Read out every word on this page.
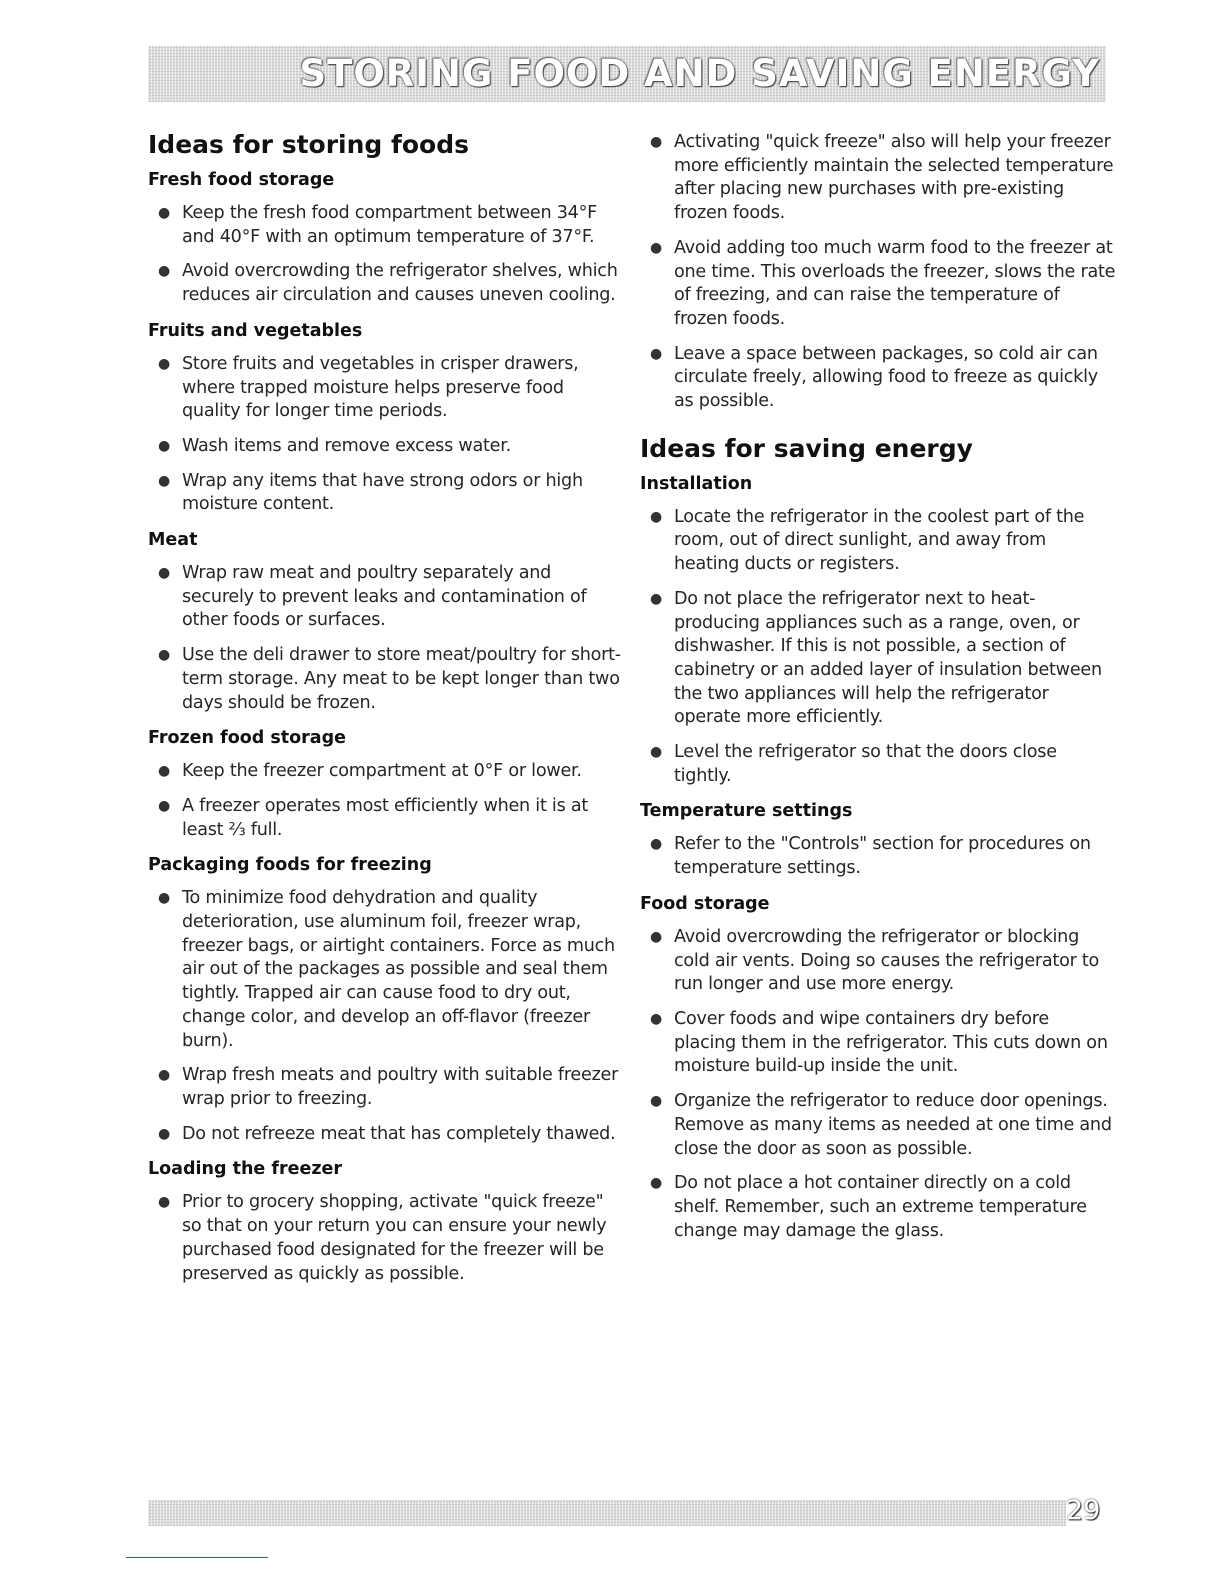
STORING FOOD AND SAVING ENERGY
Ideas for storing foods
Fresh food storage
● Keep the fresh food compartment between 34°F and 40°F with an optimum temperature of 37°F.
● Avoid overcrowding the refrigerator shelves, which reduces air circulation and causes uneven cooling.
Fruits and vegetables
● Store fruits and vegetables in crisper drawers, where trapped moisture helps preserve food quality for longer time periods.
● Wash items and remove excess water.
● Wrap any items that have strong odors or high moisture content.
Meat
● Wrap raw meat and poultry separately and securely to prevent leaks and contamination of other foods or surfaces.
● Use the deli drawer to store meat/poultry for short-term storage. Any meat to be kept longer than two days should be frozen.
Frozen food storage
● Keep the freezer compartment at 0°F or lower.
● A freezer operates most efficiently when it is at least ⅔ full.
Packaging foods for freezing
● To minimize food dehydration and quality deterioration, use aluminum foil, freezer wrap, freezer bags, or airtight containers. Force as much air out of the packages as possible and seal them tightly. Trapped air can cause food to dry out, change color, and develop an off-flavor (freezer burn).
● Wrap fresh meats and poultry with suitable freezer wrap prior to freezing.
● Do not refreeze meat that has completely thawed.
Loading the freezer
● Prior to grocery shopping, activate "quick freeze" so that on your return you can ensure your newly purchased food designated for the freezer will be preserved as quickly as possible.
● Activating "quick freeze" also will help your freezer more efficiently maintain the selected temperature after placing new purchases with pre-existing frozen foods.
● Avoid adding too much warm food to the freezer at one time. This overloads the freezer, slows the rate of freezing, and can raise the temperature of frozen foods.
● Leave a space between packages, so cold air can circulate freely, allowing food to freeze as quickly as possible.
Ideas for saving energy
Installation
● Locate the refrigerator in the coolest part of the room, out of direct sunlight, and away from heating ducts or registers.
● Do not place the refrigerator next to heat-producing appliances such as a range, oven, or dishwasher. If this is not possible, a section of cabinetry or an added layer of insulation between the two appliances will help the refrigerator operate more efficiently.
● Level the refrigerator so that the doors close tightly.
Temperature settings
● Refer to the "Controls" section for procedures on temperature settings.
Food storage
● Avoid overcrowding the refrigerator or blocking cold air vents. Doing so causes the refrigerator to run longer and use more energy.
● Cover foods and wipe containers dry before placing them in the refrigerator. This cuts down on moisture build-up inside the unit.
● Organize the refrigerator to reduce door openings. Remove as many items as needed at one time and close the door as soon as possible.
● Do not place a hot container directly on a cold shelf. Remember, such an extreme temperature change may damage the glass.
29
